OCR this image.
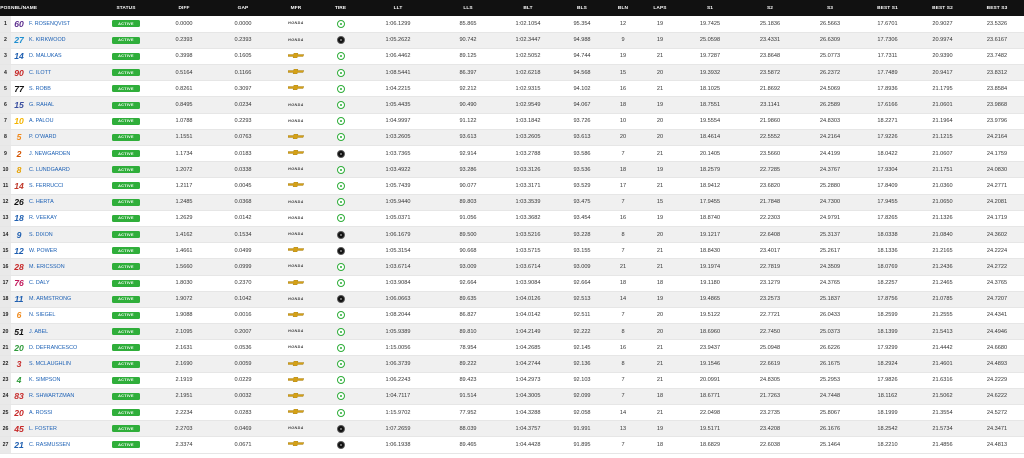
POS	NBL/NAME	STATUS	DIFF	GAP	MFR	TIRE	LLT	LLS	BLT	BLS	BLN	LAPS	S1	S2	S3	BEST S1	BEST S2	BEST S3
1	60 F. ROSENQVIST	ACTIVE	0.0000	0.0000	HONDA		1:06.1299	85.865	1:02.1054	95.354	12	19	19.7425	25.1836	26.5663	17.6701	20.9027	23.5326
2	27 K. KIRKWOOD	ACTIVE	0.2393	0.2393	HONDA		1:05.2622	90.742	1:02.3447	94.988	9	19	25.0598	23.4331	26.6309	17.7306	20.9974	23.6167
3	14 D. MALUKAS	ACTIVE	0.3998	0.1605			1:06.4462	89.125	1:02.5052	94.744	19	21	19.7287	23.8648	25.0773	17.7311	20.9390	23.7482
4	90 C. ILOTT	ACTIVE	0.5164	0.1166			1:08.5441	86.397	1:02.6218	94.568	15	20	19.3932	23.5872	26.2372	17.7489	20.9417	23.8312
5	77 S. ROBB	ACTIVE	0.8261	0.3097			1:04.2215	92.212	1:02.9315	94.102	16	21	18.1025	21.8692	24.5069	17.8936	21.1795	23.8584
6	15 G. RAHAL	ACTIVE	0.8495	0.0234	HONDA		1:05.4435	90.490	1:02.9549	94.067	18	19	18.7551	23.1141	26.2589	17.6166	21.0601	23.9868
7	10 A. PALOU	ACTIVE	1.0788	0.2293	HONDA		1:04.9997	91.122	1:03.1842	93.726	10	20	19.5554	21.9860	24.8303	18.2271	21.1964	23.9796
8	5 P. O'WARD	ACTIVE	1.1551	0.0763			1:03.2605	93.613	1:03.2605	93.613	20	20	18.4614	22.5552	24.2164	17.9226	21.1215	24.2164
9	2 J. NEWGARDEN	ACTIVE	1.1734	0.0183			1:03.7365	92.914	1:03.2788	93.586	7	21	20.1405	23.5660	24.4199	18.0422	21.0607	24.1759
10	8 C. LUNDGAARD	ACTIVE	1.2072	0.0338	HONDA		1:03.4922	93.286	1:03.3126	93.536	18	19	18.2579	22.7285	24.3767	17.9304	21.1751	24.0830
11	14 S. FERRUCCI	ACTIVE	1.2117	0.0045			1:05.7439	90.077	1:03.3171	93.529	17	21	18.9412	23.6820	25.2880	17.8409	21.0360	24.2771
12	26 C. HERTA	ACTIVE	1.2485	0.0368	HONDA		1:05.9440	89.803	1:03.3539	93.475	7	15	17.9455	21.7848	24.7300	17.9455	21.0650	24.2081
13	18 R. VEEKAY	ACTIVE	1.2629	0.0142	HONDA		1:05.0371	91.056	1:03.3682	93.454	16	19	18.8740	22.2303	24.9791	17.8265	21.1326	24.1719
14	9 S. DIXON	ACTIVE	1.4162	0.1534	HONDA		1:06.1679	89.500	1:03.5216	93.228	8	20	19.1217	22.6408	25.3137	18.0338	21.0840	24.3602
15	12 W. POWER	ACTIVE	1.4661	0.0499			1:05.3154	90.668	1:03.5715	93.155	7	21	18.8430	23.4017	25.2617	18.1336	21.2165	24.2224
16	28 M. ERICSSON	ACTIVE	1.5660	0.0999	HONDA		1:03.6714	93.009	1:03.6714	93.009	21	21	19.1974	22.7819	24.3509	18.0769	21.2436	24.2722
17	76 C. DALY	ACTIVE	1.8030	0.2370			1:03.9084	92.664	1:03.9084	92.664	18	18	19.1180	23.1279	24.3765	18.2257	21.2465	24.3765
18	11 M. ARMSTRONG	ACTIVE	1.9072	0.1042	HONDA		1:06.0663	89.635	1:04.0126	92.513	14	19	19.4865	23.2573	25.1837	17.8756	21.0785	24.7207
19	6 N. SIEGEL	ACTIVE	1.9088	0.0016			1:08.2044	86.827	1:04.0142	92.511	7	20	19.5122	22.7721	26.0433	18.2599	21.2555	24.4341
20	51 J. ABEL	ACTIVE	2.1095	0.2007	HONDA		1:05.9389	89.810	1:04.2149	92.222	8	20	18.6960	22.7450	25.0373	18.1399	21.5413	24.4946
21	20 D. DEFRANCESCO	ACTIVE	2.1631	0.0536	HONDA		1:15.0056	78.954	1:04.2685	92.145	16	21	23.9437	25.0948	26.6226	17.9299	21.4442	24.6680
22	3 S. MCLAUGHLIN	ACTIVE	2.1690	0.0059			1:06.3739	89.222	1:04.2744	92.136	8	21	19.1546	22.6619	26.1675	18.2924	21.4601	24.4893
23	4 K. SIMPSON	ACTIVE	2.1919	0.0229			1:06.2243	89.423	1:04.2973	92.103	7	21	20.0991	24.8305	25.2953	17.9826	21.6316	24.2229
24	83 R. SHWARTZMAN	ACTIVE	2.1951	0.0032			1:04.7117	91.514	1:04.3005	92.099	7	18	18.6771	21.7263	24.7448	18.1162	21.5062	24.6222
25	20 A. ROSSI	ACTIVE	2.2234	0.0283			1:15.9702	77.952	1:04.3288	92.058	14	21	22.0498	23.2735	25.8067	18.1999	21.3554	24.5272
26	45 L. FOSTER	ACTIVE	2.2703	0.0469	HONDA		1:07.2659	88.039	1:04.3757	91.991	13	19	19.5171	23.4208	26.1676	18.2542	21.5734	24.3471
27	21 C. RASMUSSEN	ACTIVE	2.3374	0.0671			1:06.1938	89.465	1:04.4428	91.895	7	18	18.6829	22.6038	25.1464	18.2210	21.4856	24.4813
